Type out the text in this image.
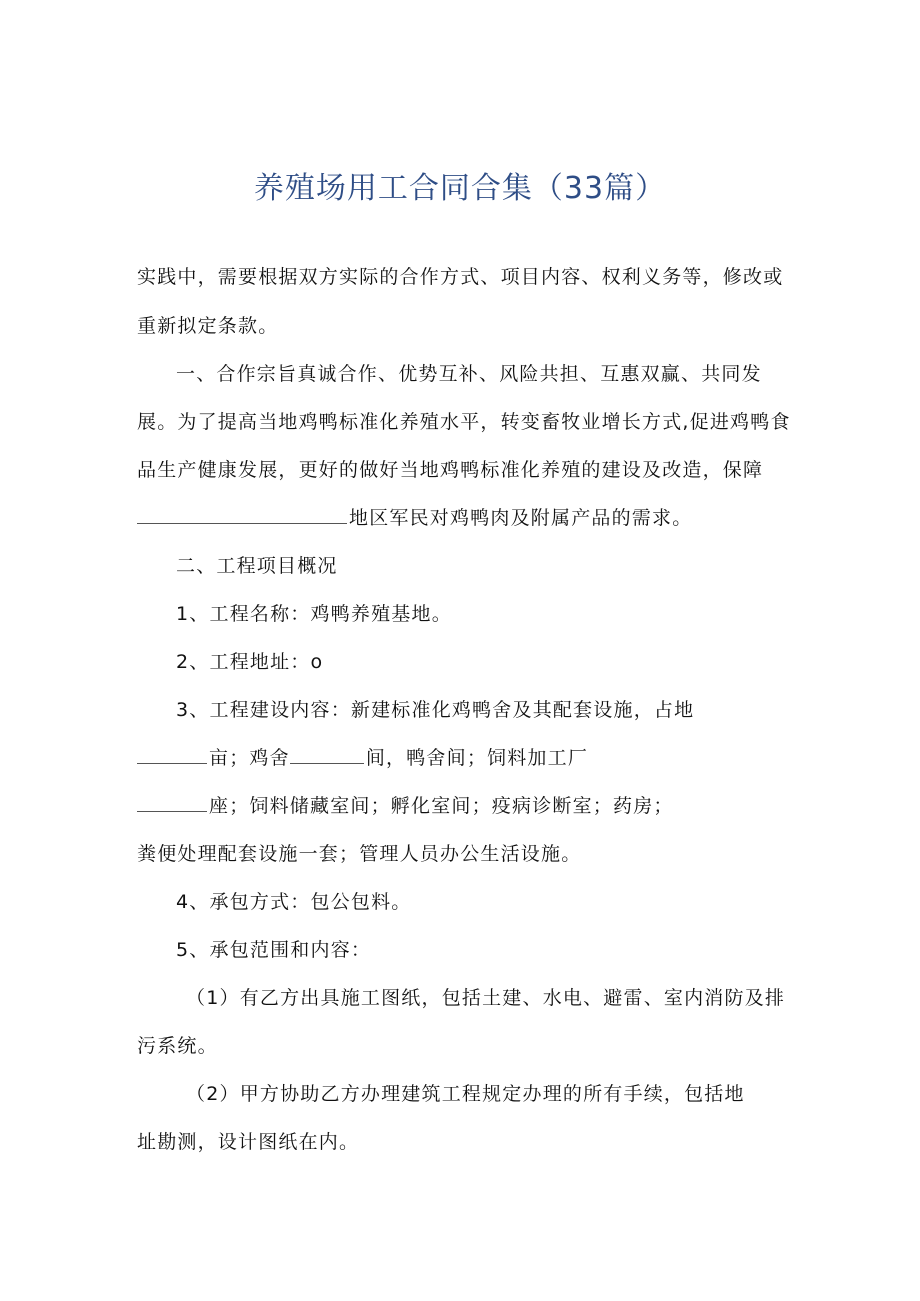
养殖场用工合同合集（33篇）
实践中，需要根据双方实际的合作方式、项目内容、权利义务等，修改或
重新拟定条款。
一、合作宗旨真诚合作、优势互补、风险共担、互惠双赢、共同发
展。为了提高当地鸡鸭标准化养殖水平，转变畜牧业增长方式,促进鸡鸭食
品生产健康发展，更好的做好当地鸡鸭标准化养殖的建设及改造，保障
地区军民对鸡鸭肉及附属产品的需求。
二、工程项目概况
1、工程名称：鸡鸭养殖基地。
2、工程地址：o
3、工程建设内容：新建标准化鸡鸭舍及其配套设施，占地
亩；鸡舍	间，鸭舍间；饲料加工厂
座；饲料储藏室间；孵化室间；疫病诊断室；药房；
粪便处理配套设施一套；管理人员办公生活设施。
4、承包方式：包公包料。
5、承包范围和内容：
（1）有乙方出具施工图纸，包括土建、水电、避雷、室内消防及排
污系统。
（2）甲方协助乙方办理建筑工程规定办理的所有手续，包括地
址勘测，设计图纸在内。
